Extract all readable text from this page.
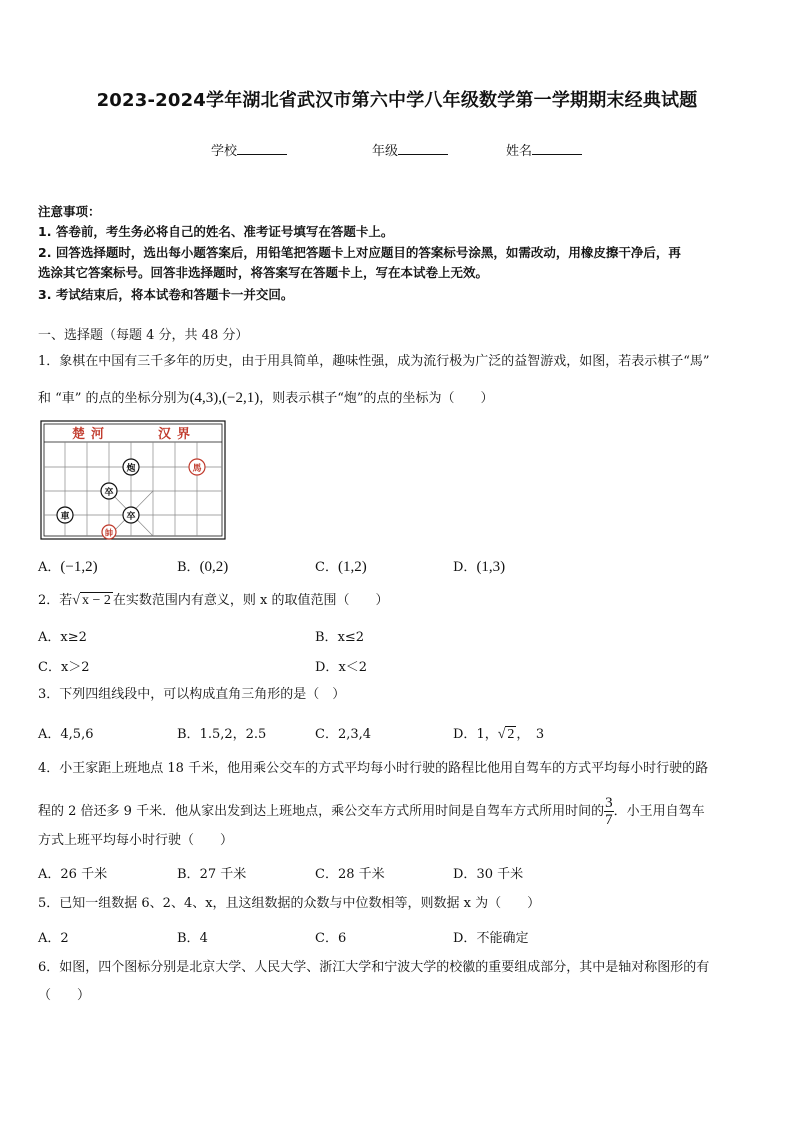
2023-2024学年湖北省武汉市第六中学八年级数学第一学期期末经典试题
学校	年级	姓名
注意事项：
1. 答卷前，考生务必将自己的姓名、准考证号填写在答题卡上。
2. 回答选择题时，选出每小题答案后，用铅笔把答题卡上对应题目的答案标号涂黑，如需改动，用橡皮擦干净后，再
选涂其它答案标号。回答非选择题时，将答案写在答题卡上，写在本试卷上无效。
3. 考试结束后，将本试卷和答题卡一并交回。
一、选择题（每题 4 分，共 48 分）
1．象棋在中国有三千多年的历史，由于用具简单，趣味性强，成为流行极为广泛的益智游戏，如图，若表示棋子“馬”
和 “車” 的点的坐标分别为(4,3),(−2,1)，则表示棋子“炮”的点的坐标为（　　）
楚河	汉界
炮	馬
卒
卒
車
帥
A．(−1,2)	B．(0,2)	C．(1,2)	D．(1,3)
2．若√ x − 2 在实数范围内有意义，则 x 的取值范围（　　）
A．x≥2	B．x≤2
C．x＞2	D．x＜2
3．下列四组线段中，可以构成直角三角形的是（　）
A．4,5,6	B．1.5,2，2.5	C．2,3,4	D．1，√ 2 ，　3
4．小王家距上班地点 18 千米，他用乘公交车的方式平均每小时行驶的路程比他用自驾车的方式平均每小时行驶的路
程的 2 倍还多 9 千米．他从家出发到达上班地点，乘公交车方式所用时间是自驾车方式所用时间的 $\frac{3}{7}$ ．小王用自驾车
方式上班平均每小时行驶（　　）
A．26 千米	B．27 千米	C．28 千米	D．30 千米
5．已知一组数据 6、2、4、x，且这组数据的众数与中位数相等，则数据 x 为（　　）
A．2	B．4	C．6	D．不能确定
6．如图，四个图标分别是北京大学、人民大学、浙江大学和宁波大学的校徽的重要组成部分，其中是轴对称图形的有
（　　）
